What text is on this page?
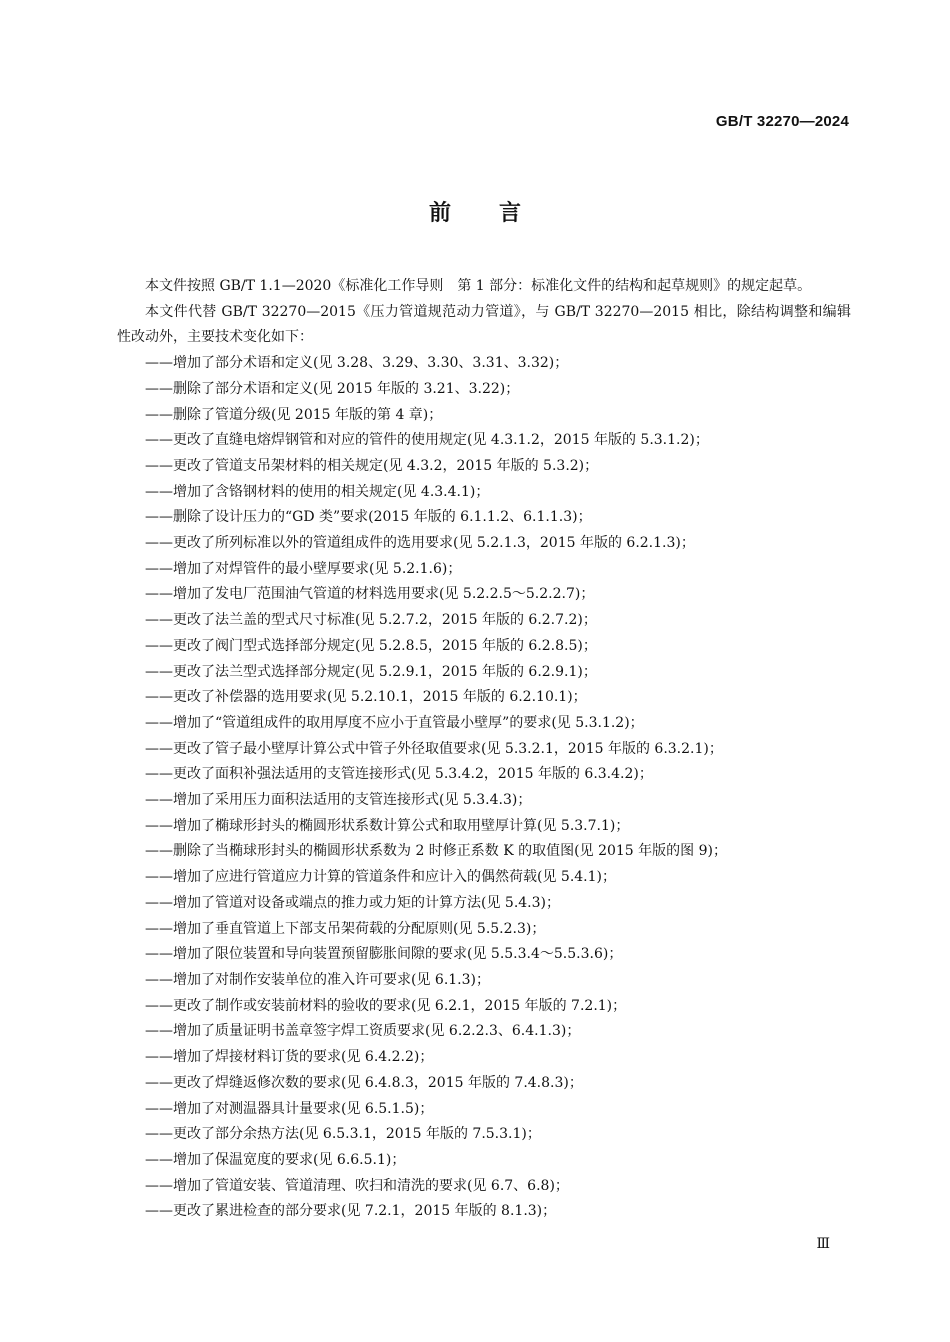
GB/T 32270—2024
前言

本文件按照 GB/T 1.1—2020《标准化工作导则　第 1 部分：标准化文件的结构和起草规则》的规定起草。

本文件代替 GB/T 32270—2015《压力管道规范动力管道》，与 GB/T 32270—2015 相比，除结构调整和编辑性改动外，主要技术变化如下：

——增加了部分术语和定义(见 3.28、3.29、3.30、3.31、3.32)；
——删除了部分术语和定义(见 2015 年版的 3.21、3.22)；
——删除了管道分级(见 2015 年版的第 4 章)；
——更改了直缝电熔焊钢管和对应的管件的使用规定(见 4.3.1.2，2015 年版的 5.3.1.2)；
——更改了管道支吊架材料的相关规定(见 4.3.2，2015 年版的 5.3.2)；
——增加了含铬钢材料的使用的相关规定(见 4.3.4.1)；
——删除了设计压力的“GD 类”要求(2015 年版的 6.1.1.2、6.1.1.3)；
——更改了所列标准以外的管道组成件的选用要求(见 5.2.1.3，2015 年版的 6.2.1.3)；
——增加了对焊管件的最小壁厚要求(见 5.2.1.6)；
——增加了发电厂范围油气管道的材料选用要求(见 5.2.2.5～5.2.2.7)；
——更改了法兰盖的型式尺寸标准(见 5.2.7.2，2015 年版的 6.2.7.2)；
——更改了阀门型式选择部分规定(见 5.2.8.5，2015 年版的 6.2.8.5)；
——更改了法兰型式选择部分规定(见 5.2.9.1，2015 年版的 6.2.9.1)；
——更改了补偿器的选用要求(见 5.2.10.1，2015 年版的 6.2.10.1)；
——增加了“管道组成件的取用厚度不应小于直管最小壁厚”的要求(见 5.3.1.2)；
——更改了管子最小壁厚计算公式中管子外径取值要求(见 5.3.2.1，2015 年版的 6.3.2.1)；
——更改了面积补强法适用的支管连接形式(见 5.3.4.2，2015 年版的 6.3.4.2)；
——增加了采用压力面积法适用的支管连接形式(见 5.3.4.3)；
——增加了椭球形封头的椭圆形状系数计算公式和取用壁厚计算(见 5.3.7.1)；
——删除了当椭球形封头的椭圆形状系数为 2 时修正系数 K 的取值图(见 2015 年版的图 9)；
——增加了应进行管道应力计算的管道条件和应计入的偶然荷载(见 5.4.1)；
——增加了管道对设备或端点的推力或力矩的计算方法(见 5.4.3)；
——增加了垂直管道上下部支吊架荷载的分配原则(见 5.5.2.3)；
——增加了限位装置和导向装置预留膨胀间隙的要求(见 5.5.3.4～5.5.3.6)；
——增加了对制作安装单位的准入许可要求(见 6.1.3)；
——更改了制作或安装前材料的验收的要求(见 6.2.1，2015 年版的 7.2.1)；
——增加了质量证明书盖章签字焊工资质要求(见 6.2.2.3、6.4.1.3)；
——增加了焊接材料订货的要求(见 6.4.2.2)；
——更改了焊缝返修次数的要求(见 6.4.8.3，2015 年版的 7.4.8.3)；
——增加了对测温器具计量要求(见 6.5.1.5)；
——更改了部分余热方法(见 6.5.3.1，2015 年版的 7.5.3.1)；
——增加了保温宽度的要求(见 6.6.5.1)；
——增加了管道安装、管道清理、吹扫和清洗的要求(见 6.7、6.8)；
——更改了累进检查的部分要求(见 7.2.1，2015 年版的 8.1.3)；
Ⅲ
